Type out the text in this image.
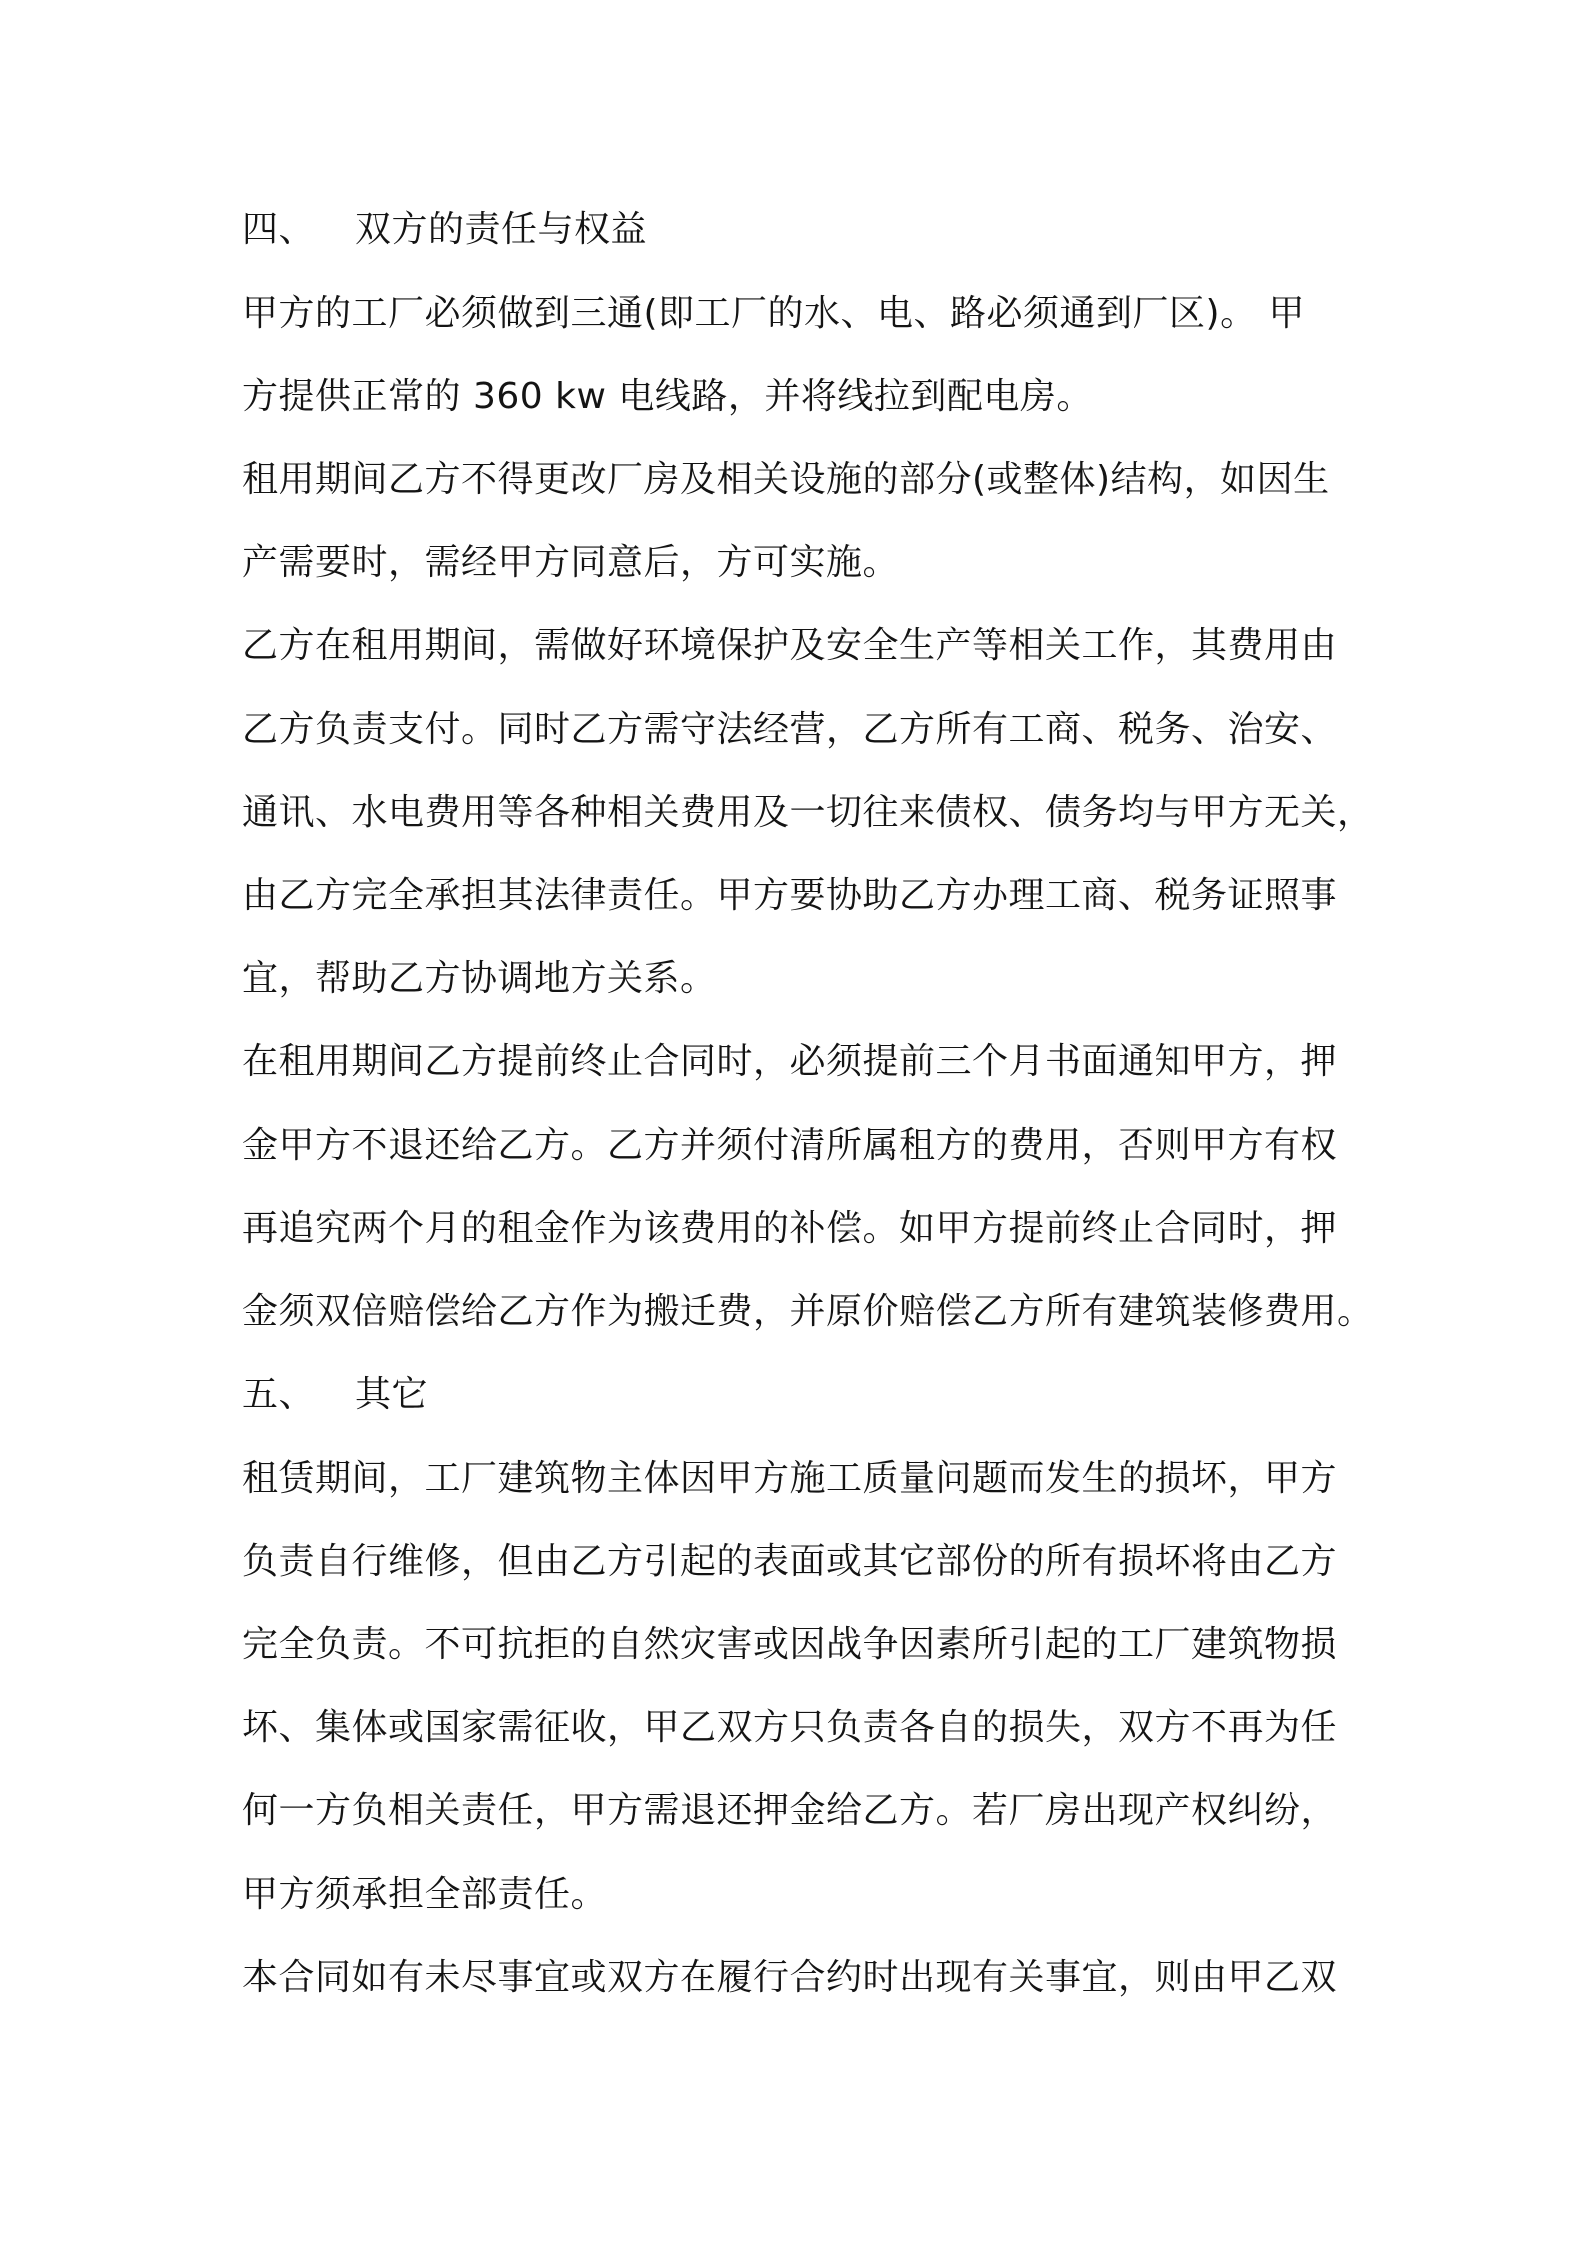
四、 双方的责任与权益
甲方的工厂必须做到三通(即工厂的水、电、路必须通到厂区)。 甲
方提供正常的 360 kw 电线路，并将线拉到配电房。
租用期间乙方不得更改厂房及相关设施的部分(或整体)结构，如因生
产需要时，需经甲方同意后，方可实施。
乙方在租用期间，需做好环境保护及安全生产等相关工作，其费用由
乙方负责支付。同时乙方需守法经营，乙方所有工商、税务、治安、
通讯、水电费用等各种相关费用及一切往来债权、债务均与甲方无关，
由乙方完全承担其法律责任。甲方要协助乙方办理工商、税务证照事
宜，帮助乙方协调地方关系。
在租用期间乙方提前终止合同时，必须提前三个月书面通知甲方，押
金甲方不退还给乙方。乙方并须付清所属租方的费用，否则甲方有权
再追究两个月的租金作为该费用的补偿。如甲方提前终止合同时，押
金须双倍赔偿给乙方作为搬迁费，并原价赔偿乙方所有建筑装修费用。
五、 其它
租赁期间，工厂建筑物主体因甲方施工质量问题而发生的损坏，甲方
负责自行维修，但由乙方引起的表面或其它部份的所有损坏将由乙方
完全负责。不可抗拒的自然灾害或因战争因素所引起的工厂建筑物损
坏、集体或国家需征收，甲乙双方只负责各自的损失，双方不再为任
何一方负相关责任，甲方需退还押金给乙方。若厂房出现产权纠纷，
甲方须承担全部责任。
本合同如有未尽事宜或双方在履行合约时出现有关事宜，则由甲乙双
